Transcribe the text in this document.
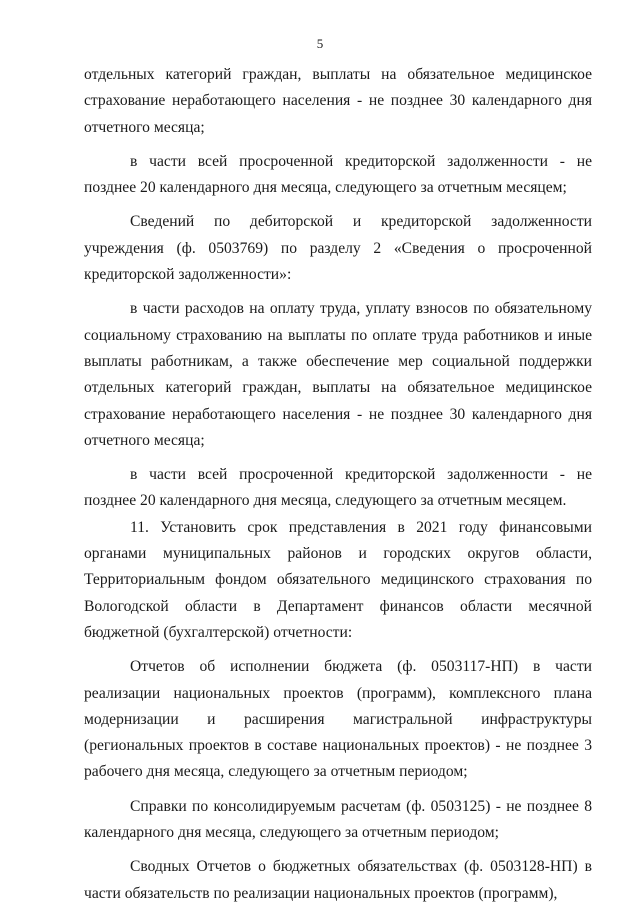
5

отдельных категорий граждан, выплаты на обязательное медицинское страхование неработающего населения - не позднее 30 календарного дня отчетного месяца;

в части всей просроченной кредиторской задолженности - не позднее 20 календарного дня месяца, следующего за отчетным месяцем;

Сведений по дебиторской и кредиторской задолженности учреждения (ф. 0503769) по разделу 2 «Сведения о просроченной кредиторской задолженности»:

в части расходов на оплату труда, уплату взносов по обязательному социальному страхованию на выплаты по оплате труда работников и иные выплаты работникам, а также обеспечение мер социальной поддержки отдельных категорий граждан, выплаты на обязательное медицинское страхование неработающего населения - не позднее 30 календарного дня отчетного месяца;

в части всей просроченной кредиторской задолженности - не позднее 20 календарного дня месяца, следующего за отчетным месяцем.

11. Установить срок представления в 2021 году финансовыми органами муниципальных районов и городских округов области, Территориальным фондом обязательного медицинского страхования по Вологодской области в Департамент финансов области месячной бюджетной (бухгалтерской) отчетности:

Отчетов об исполнении бюджета (ф. 0503117-НП) в части реализации национальных проектов (программ), комплексного плана модернизации и расширения магистральной инфраструктуры (региональных проектов в составе национальных проектов) - не позднее 3 рабочего дня месяца, следующего за отчетным периодом;

Справки по консолидируемым расчетам (ф. 0503125) - не позднее 8 календарного дня месяца, следующего за отчетным периодом;

Сводных Отчетов о бюджетных обязательствах (ф. 0503128-НП) в части обязательств по реализации национальных проектов (программ),
